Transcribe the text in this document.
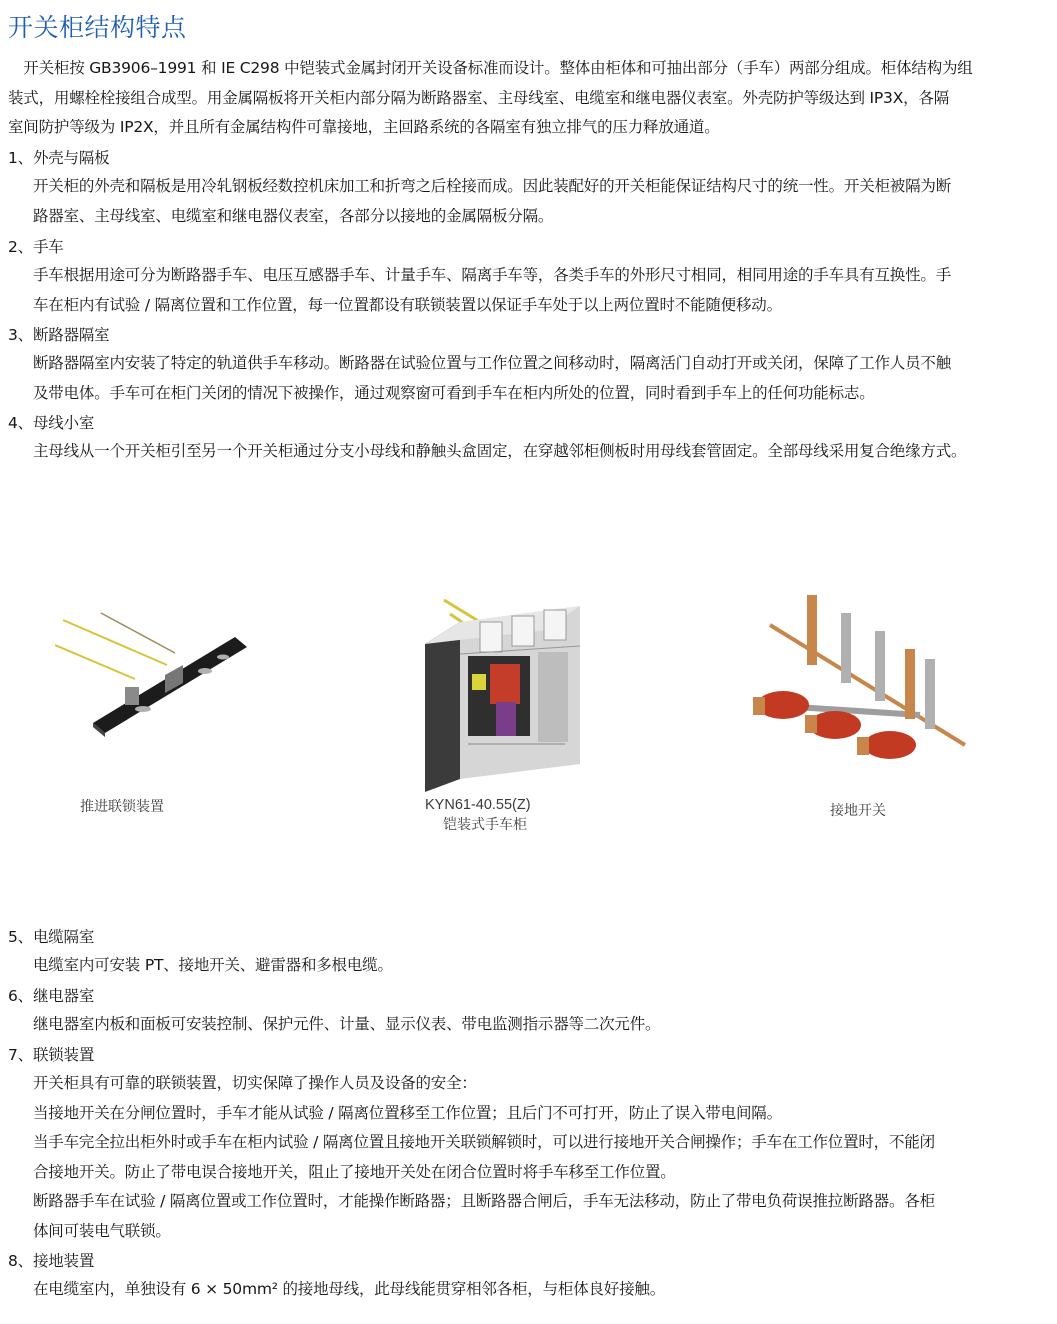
开关柜结构特点
　开关柜按 GB3906–1991 和 IE C298 中铠装式金属封闭开关设备标准而设计。整体由柜体和可抽出部分（手车）两部分组成。柜体结构为组
装式，用螺栓栓接组合成型。用金属隔板将开关柜内部分隔为断路器室、主母线室、电缆室和继电器仪表室。外壳防护等级达到 IP3X，各隔
室间防护等级为 IP2X，并且所有金属结构件可靠接地，主回路系统的各隔室有独立排气的压力释放通道。
1、外壳与隔板
开关柜的外壳和隔板是用冷轧钢板经数控机床加工和折弯之后栓接而成。因此装配好的开关柜能保证结构尺寸的统一性。开关柜被隔为断
路器室、主母线室、电缆室和继电器仪表室，各部分以接地的金属隔板分隔。
2、手车
手车根据用途可分为断路器手车、电压互感器手车、计量手车、隔离手车等，各类手车的外形尺寸相同，相同用途的手车具有互换性。手
车在柜内有试验 / 隔离位置和工作位置，每一位置都设有联锁装置以保证手车处于以上两位置时不能随便移动。
3、断路器隔室
断路器隔室内安装了特定的轨道供手车移动。断路器在试验位置与工作位置之间移动时，隔离活门自动打开或关闭，保障了工作人员不触
及带电体。手车可在柜门关闭的情况下被操作，通过观察窗可看到手车在柜内所处的位置，同时看到手车上的任何功能标志。
4、母线小室
主母线从一个开关柜引至另一个开关柜通过分支小母线和静触头盒固定，在穿越邻柜侧板时用母线套管固定。全部母线采用复合绝缘方式。
推进联锁装置	KYN61-40.55(Z)
铠装式手车柜
接地开关
5、电缆隔室
电缆室内可安装 PT、接地开关、避雷器和多根电缆。
6、继电器室
继电器室内板和面板可安装控制、保护元件、计量、显示仪表、带电监测指示器等二次元件。
7、联锁装置
开关柜具有可靠的联锁装置，切实保障了操作人员及设备的安全：
当接地开关在分闸位置时，手车才能从试验 / 隔离位置移至工作位置；且后门不可打开，防止了误入带电间隔。
当手车完全拉出柜外时或手车在柜内试验 / 隔离位置且接地开关联锁解锁时，可以进行接地开关合闸操作；手车在工作位置时，不能闭
合接地开关。防止了带电误合接地开关，阻止了接地开关处在闭合位置时将手车移至工作位置。
断路器手车在试验 / 隔离位置或工作位置时，才能操作断路器；且断路器合闸后，手车无法移动，防止了带电负荷误推拉断路器。各柜
体间可装电气联锁。
8、接地装置
在电缆室内，单独设有 6 × 50mm² 的接地母线，此母线能贯穿相邻各柜，与柜体良好接触。
